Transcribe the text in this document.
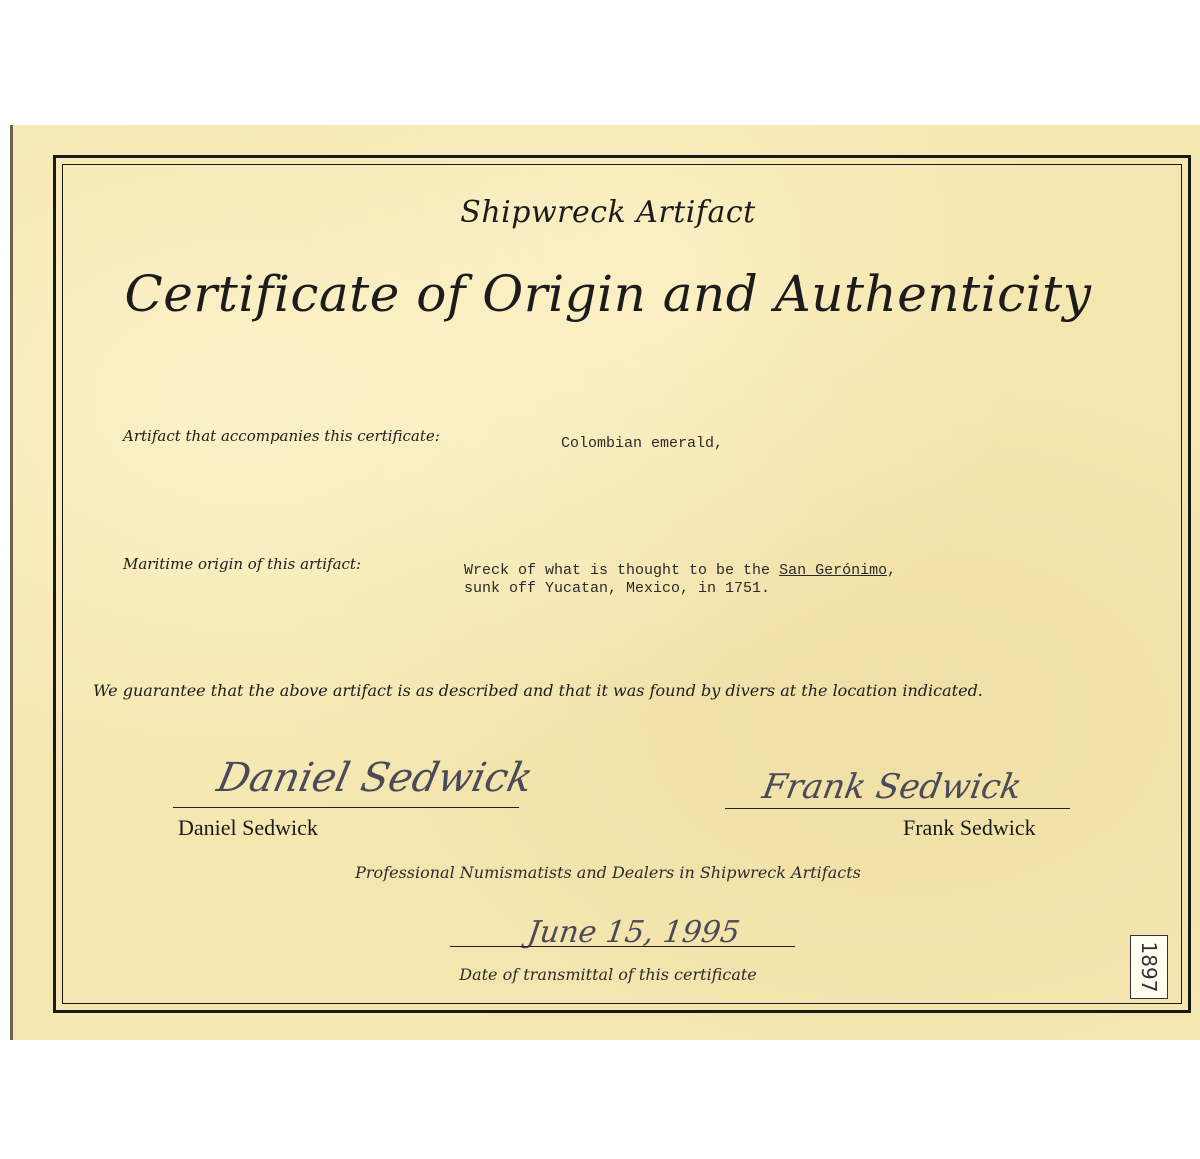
Shipwreck Artifact
Certificate of Origin and Authenticity
Artifact that accompanies this certificate:	Colombian emerald,
Maritime origin of this artifact:	Wreck of what is thought to be the San Gerónimo,
sunk off Yucatan, Mexico, in 1751.
We guarantee that the above artifact is as described and that it was found by divers at the location indicated.
Daniel Sedwick
Daniel Sedwick
Frank Sedwick
Frank Sedwick
Professional Numismatists and Dealers in Shipwreck Artifacts
June 15, 1995
Date of transmittal of this certificate	1897
